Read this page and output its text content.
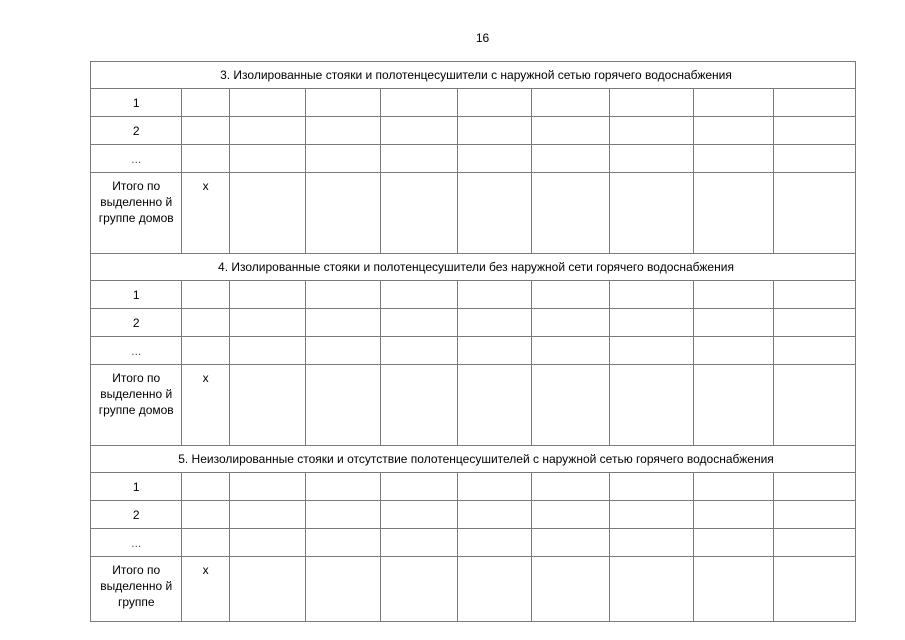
16
3. Изолированные стояки и полотенцесушители с наружной сетью горячего водоснабжения									
1									
2									
...									
Итого по выделенно й группе домов	х								
4. Изолированные стояки и полотенцесушители без наружной сети горячего водоснабжения									
1									
2									
...									
Итого по выделенно й группе домов	х								
5. Неизолированные стояки и отсутствие полотенцесушителей с наружной сетью горячего водоснабжения									
1									
2									
...									
Итого по выделенно й группе	х								
